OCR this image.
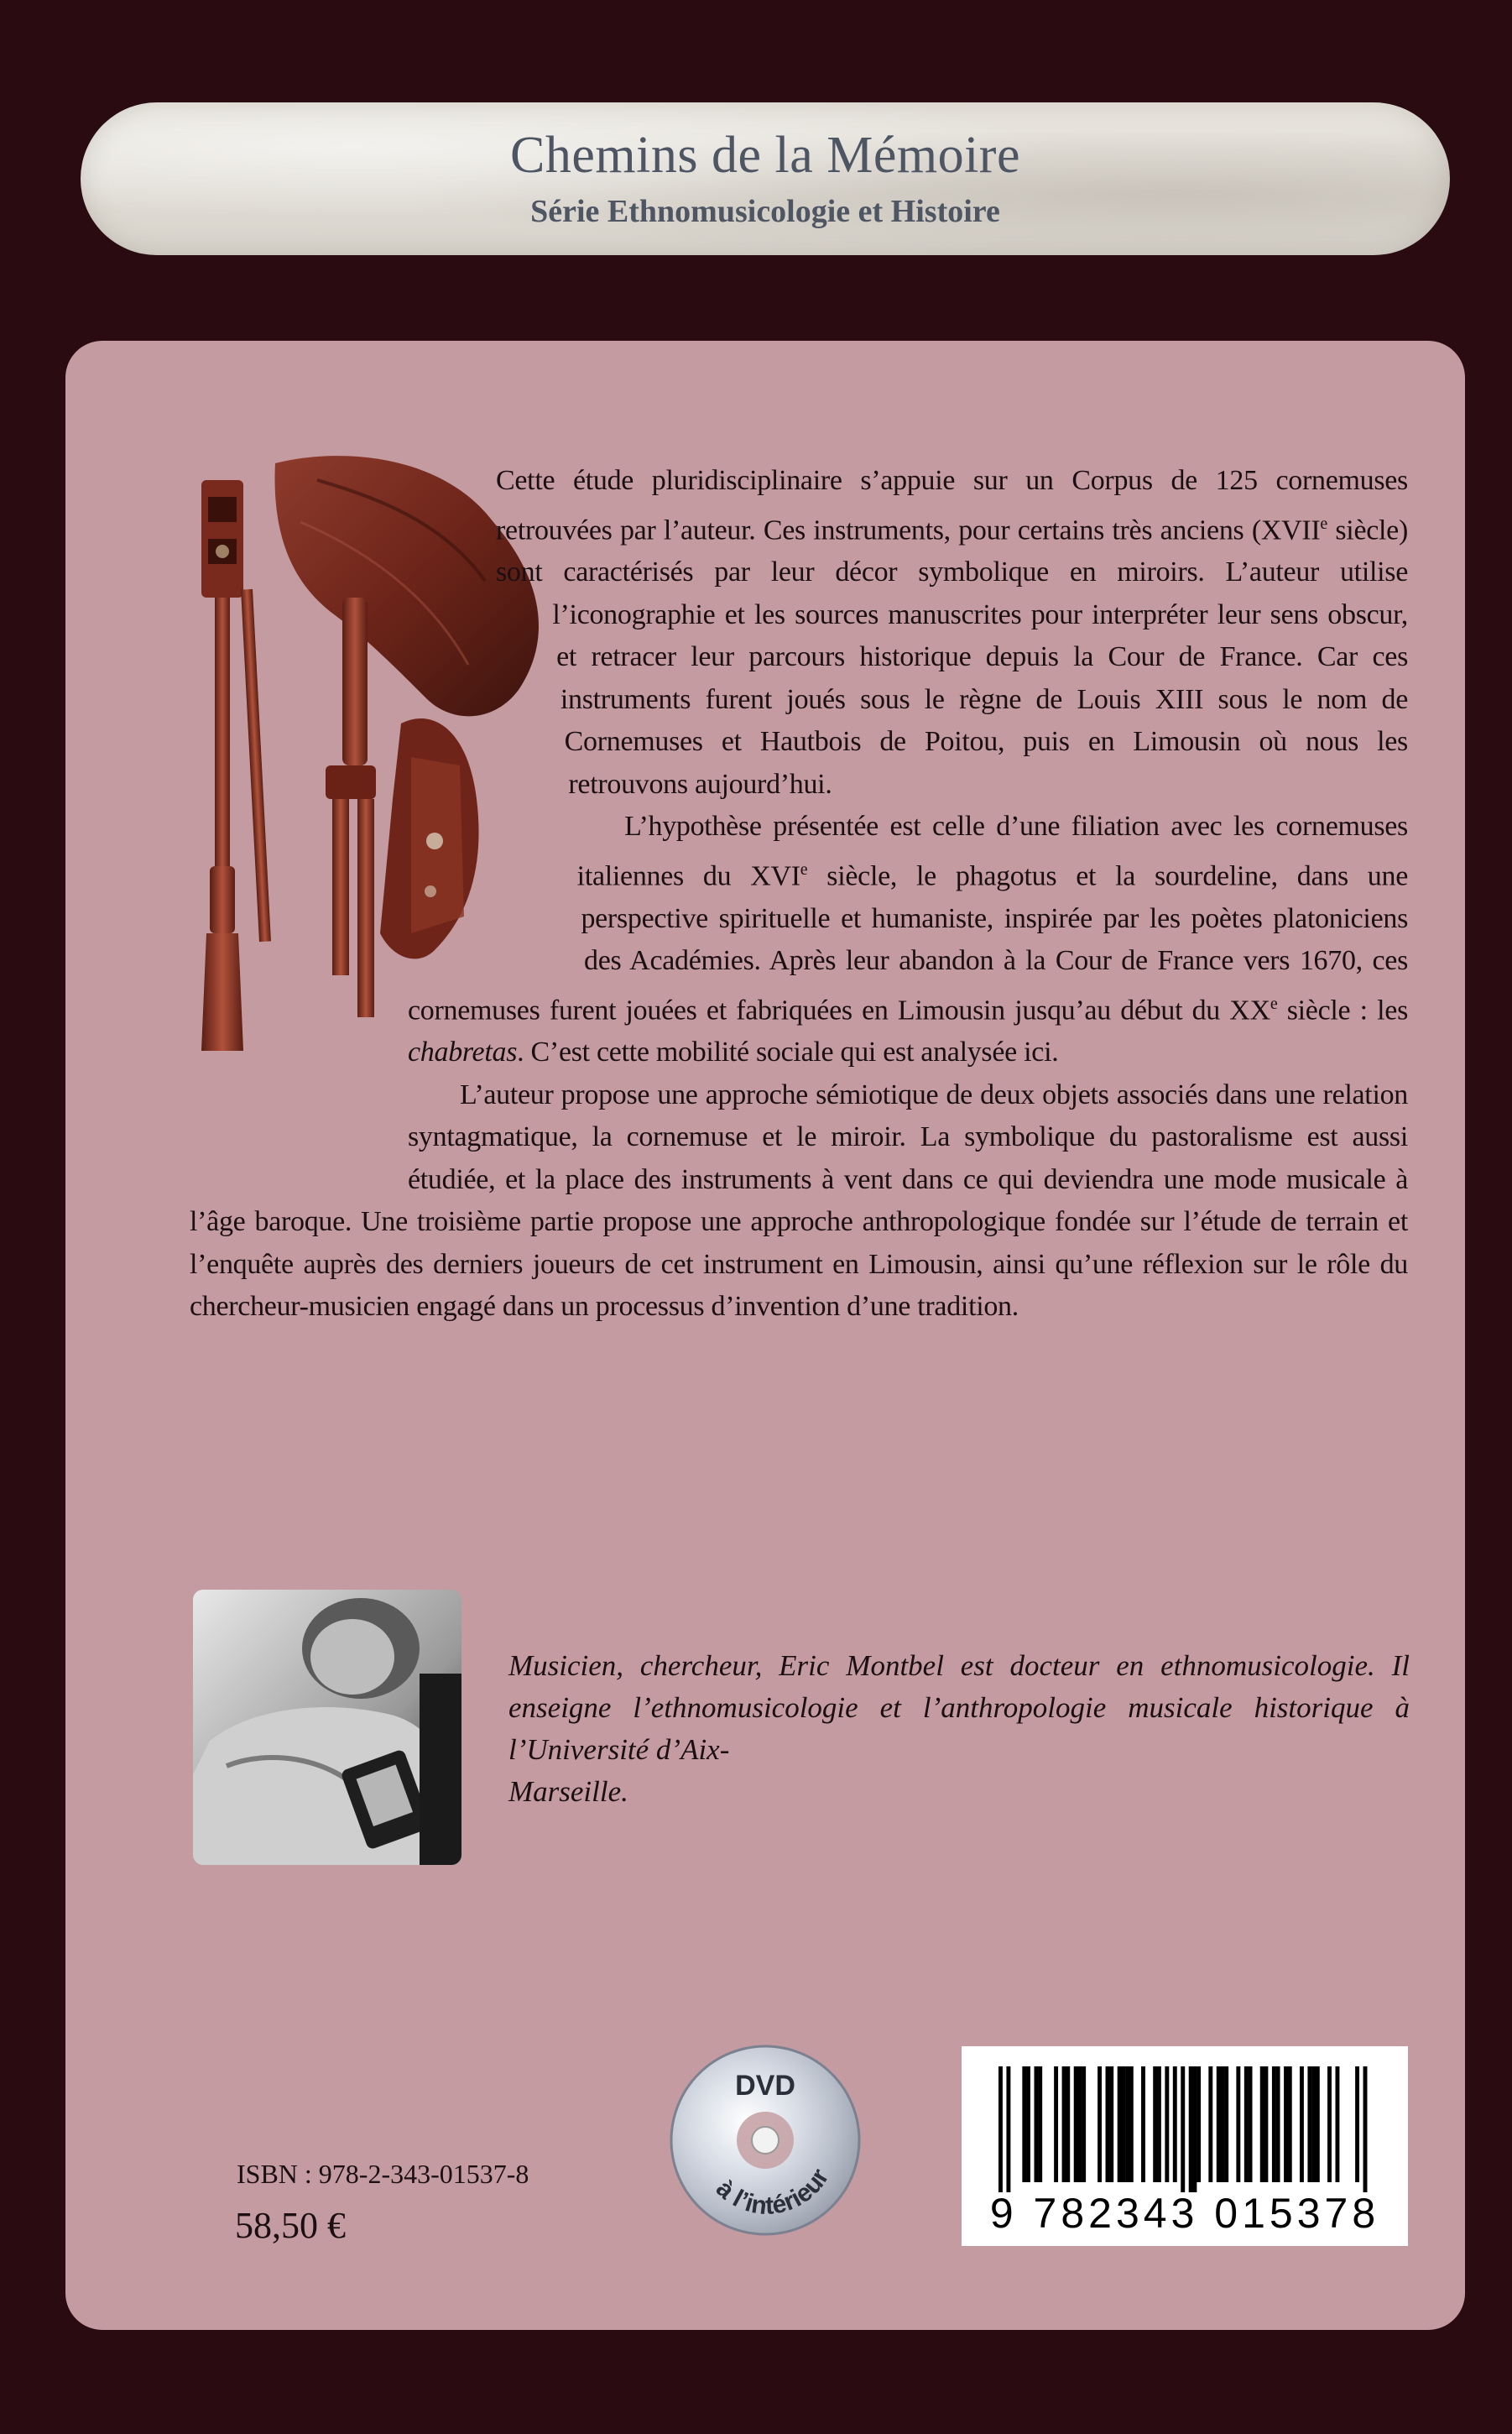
Chemins de la Mémoire
Série Ethnomusicologie et Histoire

Cette étude pluridisciplinaire s’appuie sur un Corpus de 125 cornemuses retrouvées par l’auteur. Ces instruments, pour certains très anciens (XVIIe siècle) sont caractérisés par leur décor symbolique en miroirs. L’auteur utilise l’iconographie et les sources manuscrites pour interpréter leur sens obscur, et retracer leur parcours historique depuis la Cour de France. Car ces instruments furent joués sous le règne de Louis XIII sous le nom de Cornemuses et Hautbois de Poitou, puis en Limousin où nous les retrouvons aujourd’hui.

L’hypothèse présentée est celle d’une filiation avec les cornemuses italiennes du XVIe siècle, le phagotus et la sourdeline, dans une perspective spirituelle et humaniste, inspirée par les poètes platoniciens des Académies. Après leur abandon à la Cour de France vers 1670, ces cornemuses furent jouées et fabriquées en Limousin jusqu’au début du XXe siècle : les chabretas. C’est cette mobilité sociale qui est analysée ici.

L’auteur propose une approche sémiotique de deux objets associés dans une relation syntagmatique, la cornemuse et le miroir. La symbolique du pastoralisme est aussi étudiée, et la place des instruments à vent dans ce qui deviendra une mode musicale à l’âge baroque. Une troisième partie propose une approche anthropologique fondée sur l’étude de terrain et l’enquête auprès des derniers joueurs de cet instrument en Limousin, ainsi qu’une réflexion sur le rôle du chercheur-musicien engagé dans un processus d’invention d’une tradition.

Musicien, chercheur, Eric Montbel est docteur en ethnomusicologie. Il enseigne l’ethnomusicologie et l’anthropologie musicale historique à l’Université d’Aix-
Marseille.
ISBN : 978-2-343-01537-8
58,50 €
DVD
à l’intérieur
9 782343 015378
